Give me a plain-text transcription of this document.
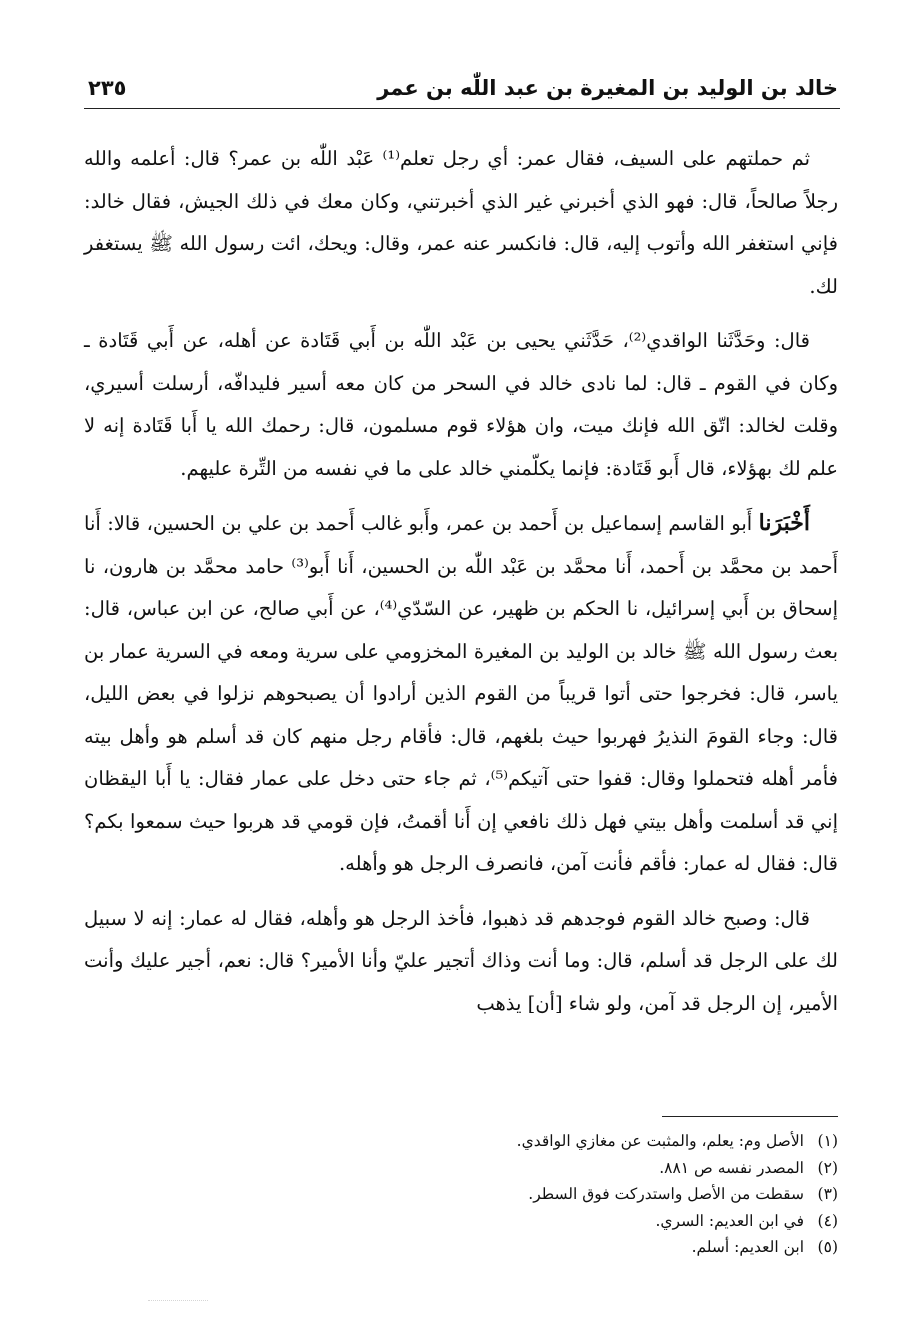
خالد بن الوليد بن المغيرة بن عبد اللّٰه بن عمر
٢٣٥

ثم حملتهم على السيف، فقال عمر: أي رجل تعلم⁽¹⁾ عَبْد اللّٰه بن عمر؟ قال: أعلمه والله رجلاً صالحاً، قال: فهو الذي أخبرني غير الذي أخبرتني، وكان معك في ذلك الجيش، فقال خالد: فإني استغفر الله وأتوب إليه، قال: فانكسر عنه عمر، وقال: ويحك، ائت رسول الله ﷺ يستغفر لك.

قال: وحَدَّثَنا الواقدي⁽²⁾، حَدَّثَني يحيى بن عَبْد اللّٰه بن أَبي قَتَادة عن أهله، عن أَبي قَتَادة ـ وكان في القوم ـ قال: لما نادى خالد في السحر من كان معه أسير فليدافّه، أرسلت أسيري، وقلت لخالد: اتّق الله فإنك ميت، وان هؤلاء قوم مسلمون، قال: رحمك الله يا أَبا قَتَادة إنه لا علم لك بهؤلاء، قال أَبو قَتَادة: فإنما يكلّمني خالد على ما في نفسه من التِّرة عليهم.

أَخْبَرَنا أَبو القاسم إسماعيل بن أَحمد بن عمر، وأَبو غالب أَحمد بن علي بن الحسين، قالا: أَنا أَحمد بن محمَّد بن أَحمد، أَنا محمَّد بن عَبْد اللّٰه بن الحسين، أَنا أَبو⁽³⁾ حامد محمَّد بن هارون، نا إسحاق بن أَبي إسرائيل، نا الحكم بن ظهير، عن السّدّي⁽⁴⁾، عن أَبي صالح، عن ابن عباس، قال: بعث رسول الله ﷺ خالد بن الوليد بن المغيرة المخزومي على سرية ومعه في السرية عمار بن ياسر، قال: فخرجوا حتى أتوا قريباً من القوم الذين أرادوا أن يصبحوهم نزلوا في بعض الليل، قال: وجاء القومَ النذيرُ فهربوا حيث بلغهم، قال: فأقام رجل منهم كان قد أسلم هو وأهل بيته فأمر أهله فتحملوا وقال: قفوا حتى آتيكم⁽⁵⁾، ثم جاء حتى دخل على عمار فقال: يا أَبا اليقظان إني قد أسلمت وأهل بيتي فهل ذلك نافعي إن أَنا أقمتُ، فإن قومي قد هربوا حيث سمعوا بكم؟ قال: فقال له عمار: فأقم فأنت آمن، فانصرف الرجل هو وأهله.

قال: وصبح خالد القوم فوجدهم قد ذهبوا، فأخذ الرجل هو وأهله، فقال له عمار: إنه لا سبيل لك على الرجل قد أسلم، قال: وما أنت وذاك أتجير عليّ وأنا الأمير؟ قال: نعم، أجير عليك وأنت الأمير، إن الرجل قد آمن، ولو شاء [أن] يذهب

(١)الأصل وم: يعلم، والمثبت عن مغازي الواقدي.
(٢)المصدر نفسه ص ٨٨١.
(٣)سقطت من الأصل واستدركت فوق السطر.
(٤)في ابن العديم: السري.
(٥)ابن العديم: أسلم.
